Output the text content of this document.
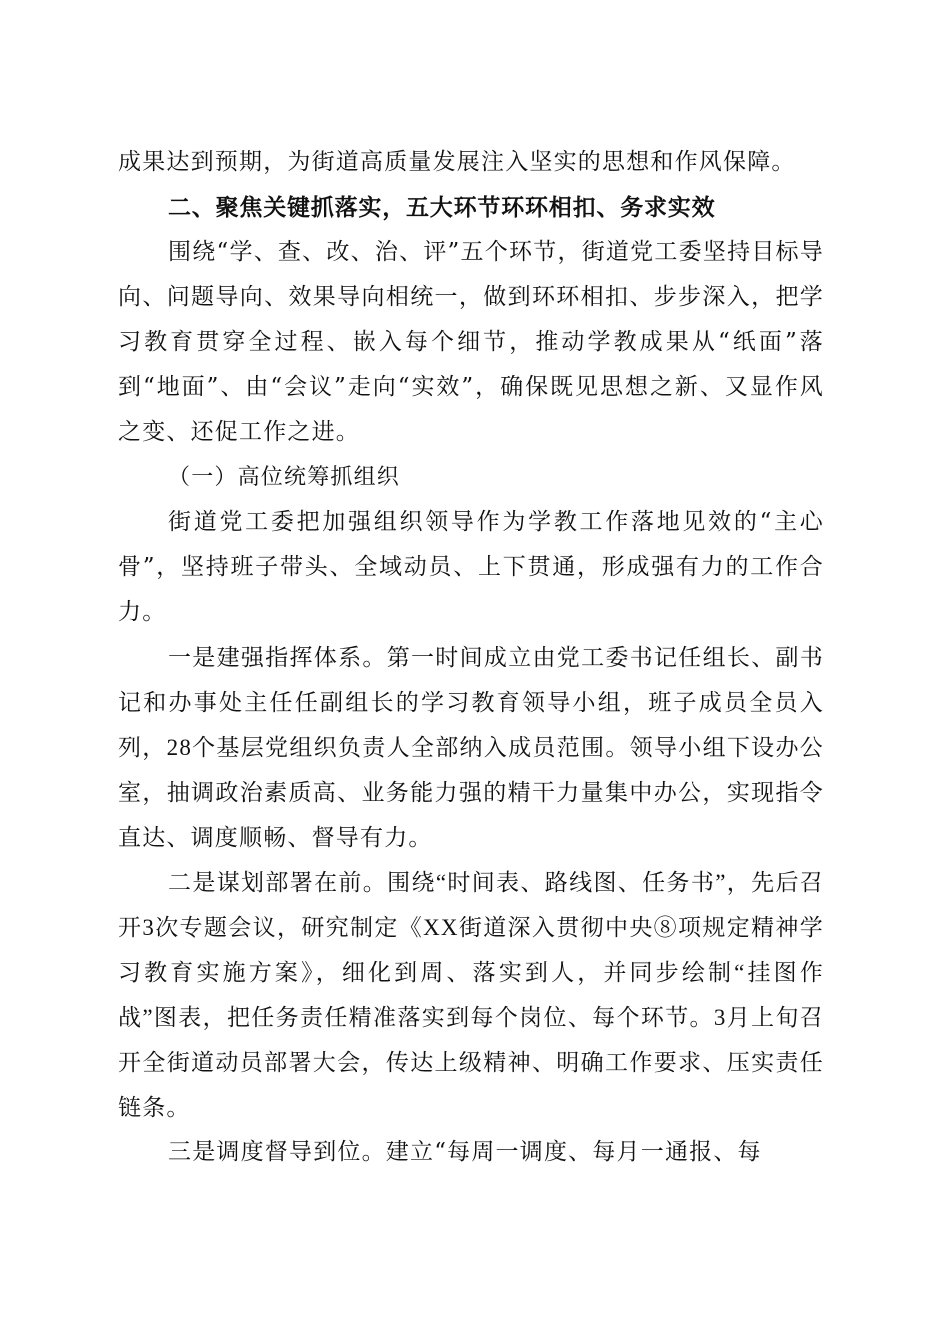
成果达到预期，为街道高质量发展注入坚实的思想和作风保障。

二、聚焦关键抓落实，五大环节环环相扣、务求实效

围绕“学、查、改、治、评”五个环节，街道党工委坚持目标导向、问题导向、效果导向相统一，做到环环相扣、步步深入，把学习教育贯穿全过程、嵌入每个细节，推动学教成果从“纸面”落到“地面”、由“会议”走向“实效”，确保既见思想之新、又显作风之变、还促工作之进。

（一）高位统筹抓组织

街道党工委把加强组织领导作为学教工作落地见效的“主心骨”，坚持班子带头、全域动员、上下贯通，形成强有力的工作合力。

一是建强指挥体系。第一时间成立由党工委书记任组长、副书记和办事处主任任副组长的学习教育领导小组，班子成员全员入列，28个基层党组织负责人全部纳入成员范围。领导小组下设办公室，抽调政治素质高、业务能力强的精干力量集中办公，实现指令直达、调度顺畅、督导有力。

二是谋划部署在前。围绕“时间表、路线图、任务书”，先后召开3次专题会议，研究制定《XX街道深入贯彻中央⑧项规定精神学习教育实施方案》，细化到周、落实到人，并同步绘制“挂图作战”图表，把任务责任精准落实到每个岗位、每个环节。3月上旬召开全街道动员部署大会，传达上级精神、明确工作要求、压实责任链条。

三是调度督导到位。建立“每周一调度、每月一通报、每
